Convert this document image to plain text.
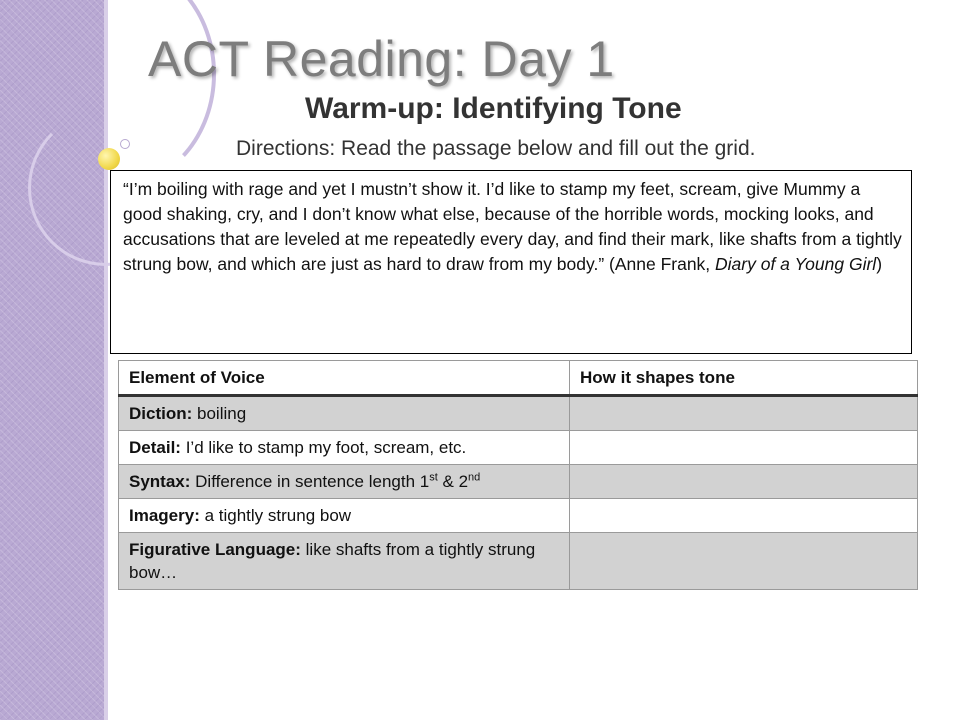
ACT Reading: Day 1
Warm-up: Identifying Tone

Directions: Read the passage below and fill out the grid.

“I’m boiling with rage and yet I mustn’t show it. I’d like to stamp my feet, scream, give Mummy a good shaking, cry, and I don’t know what else, because of the horrible words, mocking looks, and accusations that are leveled at me repeatedly every day, and find their mark, like shafts from a tightly strung bow, and which are just as hard to draw from my body.” (Anne Frank, Diary of a Young Girl)
Element of Voice	How it shapes tone
Diction: boiling	
Detail: I’d like to stamp my foot, scream, etc.	
Syntax: Difference in sentence length 1st & 2nd	
Imagery: a tightly strung bow	
Figurative Language: like shafts from a tightly strung bow…	
